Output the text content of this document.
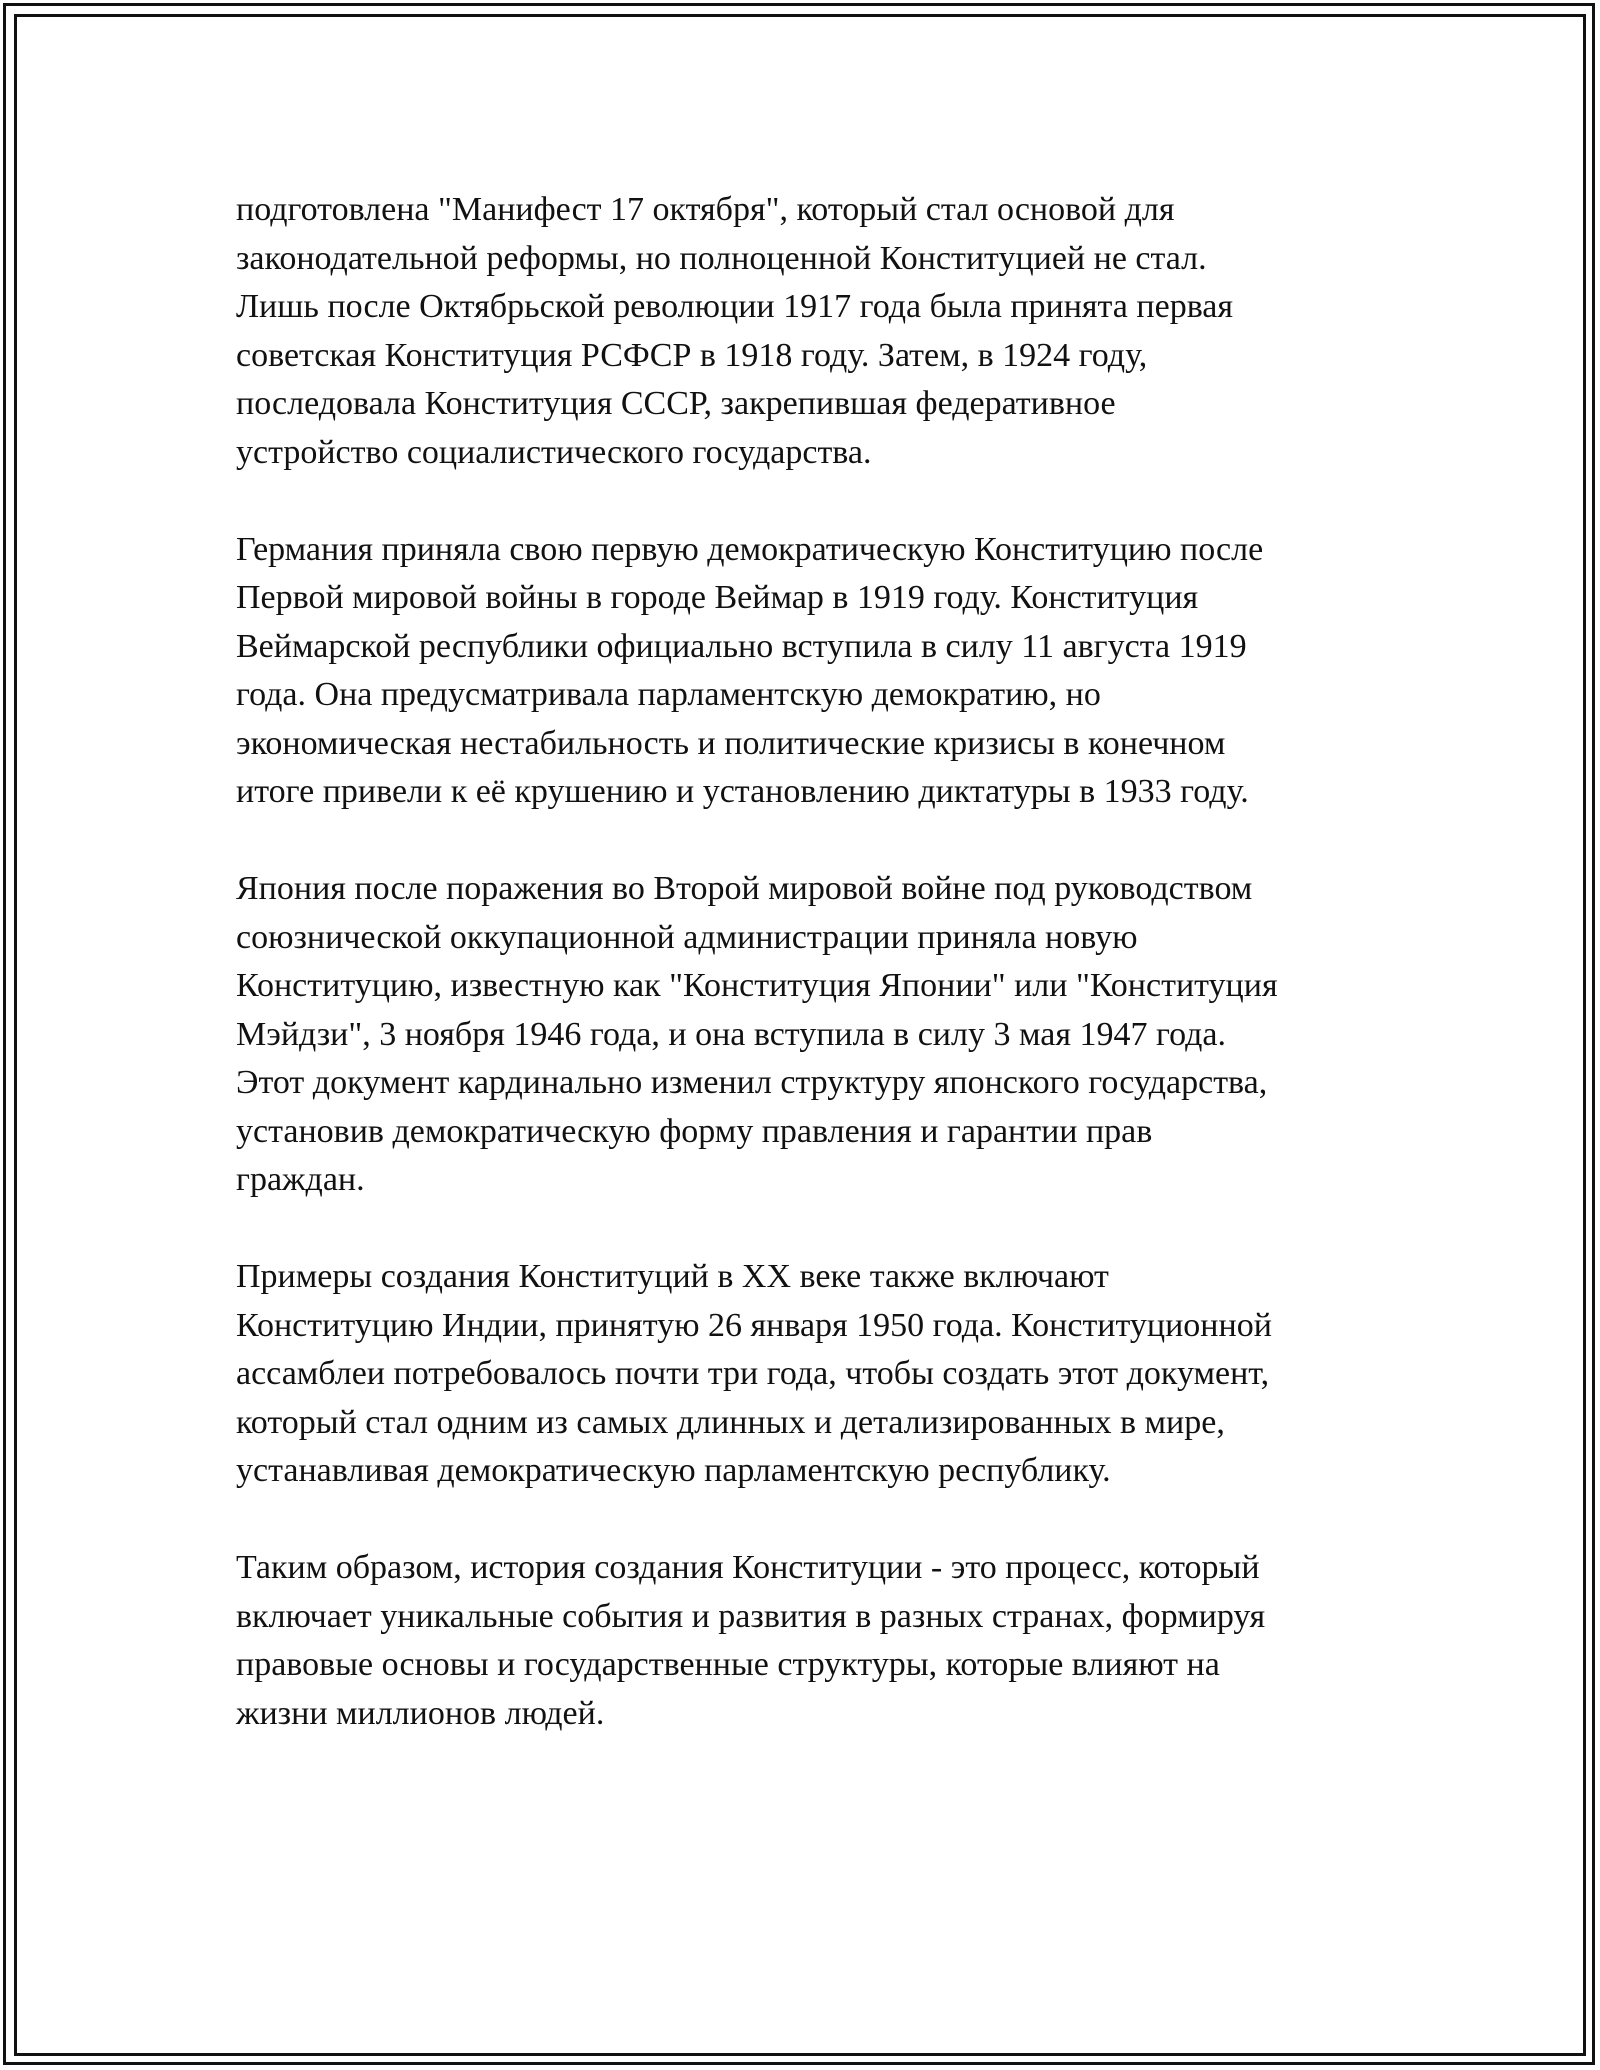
подготовлена "Манифест 17 октября", который стал основой для
законодательной реформы, но полноценной Конституцией не стал.
Лишь после Октябрьской революции 1917 года была принята первая
советская Конституция РСФСР в 1918 году. Затем, в 1924 году,
последовала Конституция СССР, закрепившая федеративное
устройство социалистического государства.

Германия приняла свою первую демократическую Конституцию после
Первой мировой войны в городе Веймар в 1919 году. Конституция
Веймарской республики официально вступила в силу 11 августа 1919
года. Она предусматривала парламентскую демократию, но
экономическая нестабильность и политические кризисы в конечном
итоге привели к её крушению и установлению диктатуры в 1933 году.

Япония после поражения во Второй мировой войне под руководством
союзнической оккупационной администрации приняла новую
Конституцию, известную как "Конституция Японии" или "Конституция
Мэйдзи", 3 ноября 1946 года, и она вступила в силу 3 мая 1947 года.
Этот документ кардинально изменил структуру японского государства,
установив демократическую форму правления и гарантии прав
граждан.

Примеры создания Конституций в XX веке также включают
Конституцию Индии, принятую 26 января 1950 года. Конституционной
ассамблеи потребовалось почти три года, чтобы создать этот документ,
который стал одним из самых длинных и детализированных в мире,
устанавливая демократическую парламентскую республику.

Таким образом, история создания Конституции - это процесс, который
включает уникальные события и развития в разных странах, формируя
правовые основы и государственные структуры, которые влияют на
жизни миллионов людей.
